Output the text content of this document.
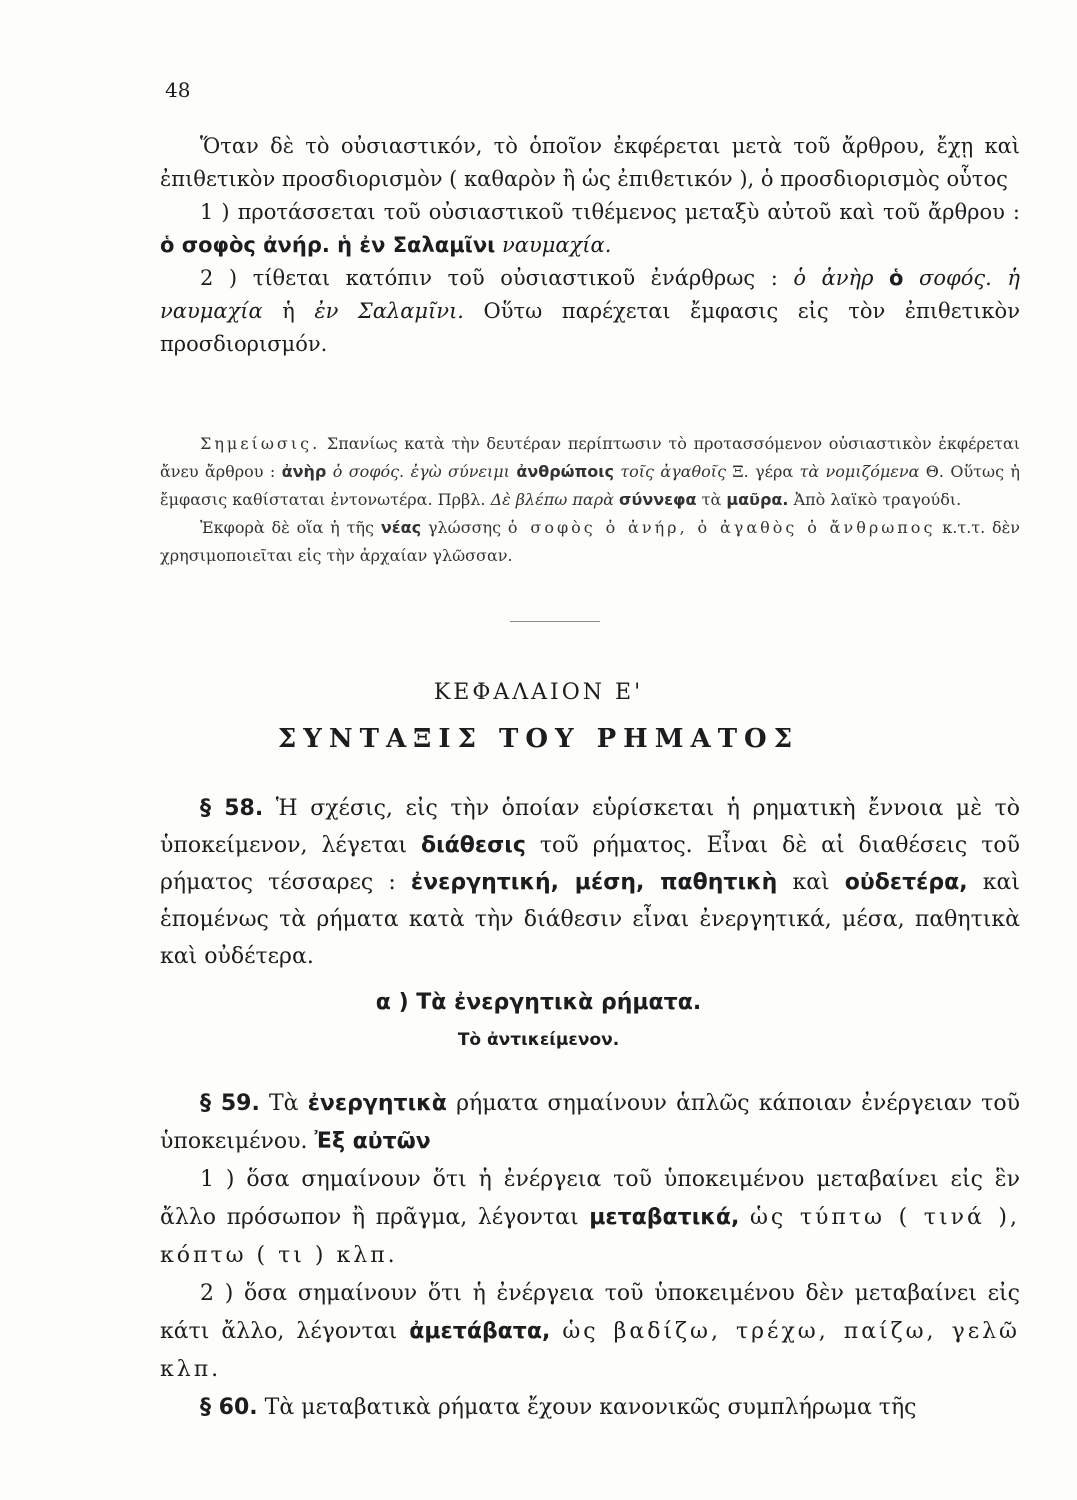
48

Ὅταν δὲ τὸ οὐσιαστικόν, τὸ ὁποῖον ἐκφέρεται μετὰ τοῦ ἄρθρου, ἔχῃ καὶ ἐπιθετικὸν προσδιορισμὸν ( καθαρὸν ἢ ὡς ἐπιθετικόν ), ὁ προσδιορισμὸς οὗτος

1 ) προτάσσεται τοῦ οὐσιαστικοῦ τιθέμενος μεταξὺ αὐτοῦ καὶ τοῦ ἄρθρου : ὁ σοφὸς ἀνήρ. ἡ ἐν Σαλαμῖνι ναυμαχία.

2 ) τίθεται κατόπιν τοῦ οὐσιαστικοῦ ἐνάρθρως : ὁ ἀνὴρ ὁ σοφός. ἡ ναυμαχία ἡ ἐν Σαλαμῖνι. Οὕτω παρέχεται ἔμφασις εἰς τὸν ἐπιθετικὸν προσδιορισμόν.

Σημείωσις. Σπανίως κατὰ τὴν δευτέραν περίπτωσιν τὸ προτασσόμενον οὐσιαστικὸν ἐκφέρεται ἄνευ ἄρθρου : ἀνὴρ ὁ σοφός. ἐγὼ σύνειμι ἀνθρώποις τοῖς ἀγαθοῖς Ξ. γέρα τὰ νομιζόμενα Θ. Οὕτως ἡ ἔμφασις καθίσταται ἐντονωτέρα. Πρβλ. Δὲ βλέπω παρὰ σύννεφα τὰ μαῦρα. Ἀπὸ λαϊκὸ τραγούδι.

Ἐκφορὰ δὲ οἵα ἡ τῆς νέας γλώσσης ὁ σοφὸς ὁ ἀνήρ, ὁ ἀγαθὸς ὁ ἄνθρωπος κ.τ.τ. δὲν χρησιμοποιεῖται εἰς τὴν ἀρχαίαν γλῶσσαν.

ΚΕΦΑΛΑΙΟΝ Ε'
ΣΥΝΤΑΞΙΣ ΤΟΥ ΡΗΜΑΤΟΣ

§ 58. Ἡ σχέσις, εἰς τὴν ὁποίαν εὑρίσκεται ἡ ρηματικὴ ἔννοια μὲ τὸ ὑποκείμενον, λέγεται διάθεσις τοῦ ρήματος. Εἶναι δὲ αἱ διαθέσεις τοῦ ρήματος τέσσαρες : ἐνεργητική, μέση, παθητικὴ καὶ οὐδετέρα, καὶ ἑπομένως τὰ ρήματα κατὰ τὴν διάθεσιν εἶναι ἐνεργητικά, μέσα, παθητικὰ καὶ οὐδέτερα.

α ) Τὰ ἐνεργητικὰ ρήματα.
Τὸ ἀντικείμενον.

§ 59. Τὰ ἐνεργητικὰ ρήματα σημαίνουν ἁπλῶς κάποιαν ἐνέργειαν τοῦ ὑποκειμένου. Ἐξ αὐτῶν

1 ) ὅσα σημαίνουν ὅτι ἡ ἐνέργεια τοῦ ὑποκειμένου μεταβαίνει εἰς ἓν ἄλλο πρόσωπον ἢ πρᾶγμα, λέγονται μεταβατικά, ὡς τύπτω ( τινά ), κόπτω ( τι ) κλπ.

2 ) ὅσα σημαίνουν ὅτι ἡ ἐνέργεια τοῦ ὑποκειμένου δὲν μεταβαίνει εἰς κάτι ἄλλο, λέγονται ἀμετάβατα, ὡς βαδίζω, τρέχω, παίζω, γελῶ κλπ.

§ 60. Τὰ μεταβατικὰ ρήματα ἔχουν κανονικῶς συμπλήρωμα τῆς
